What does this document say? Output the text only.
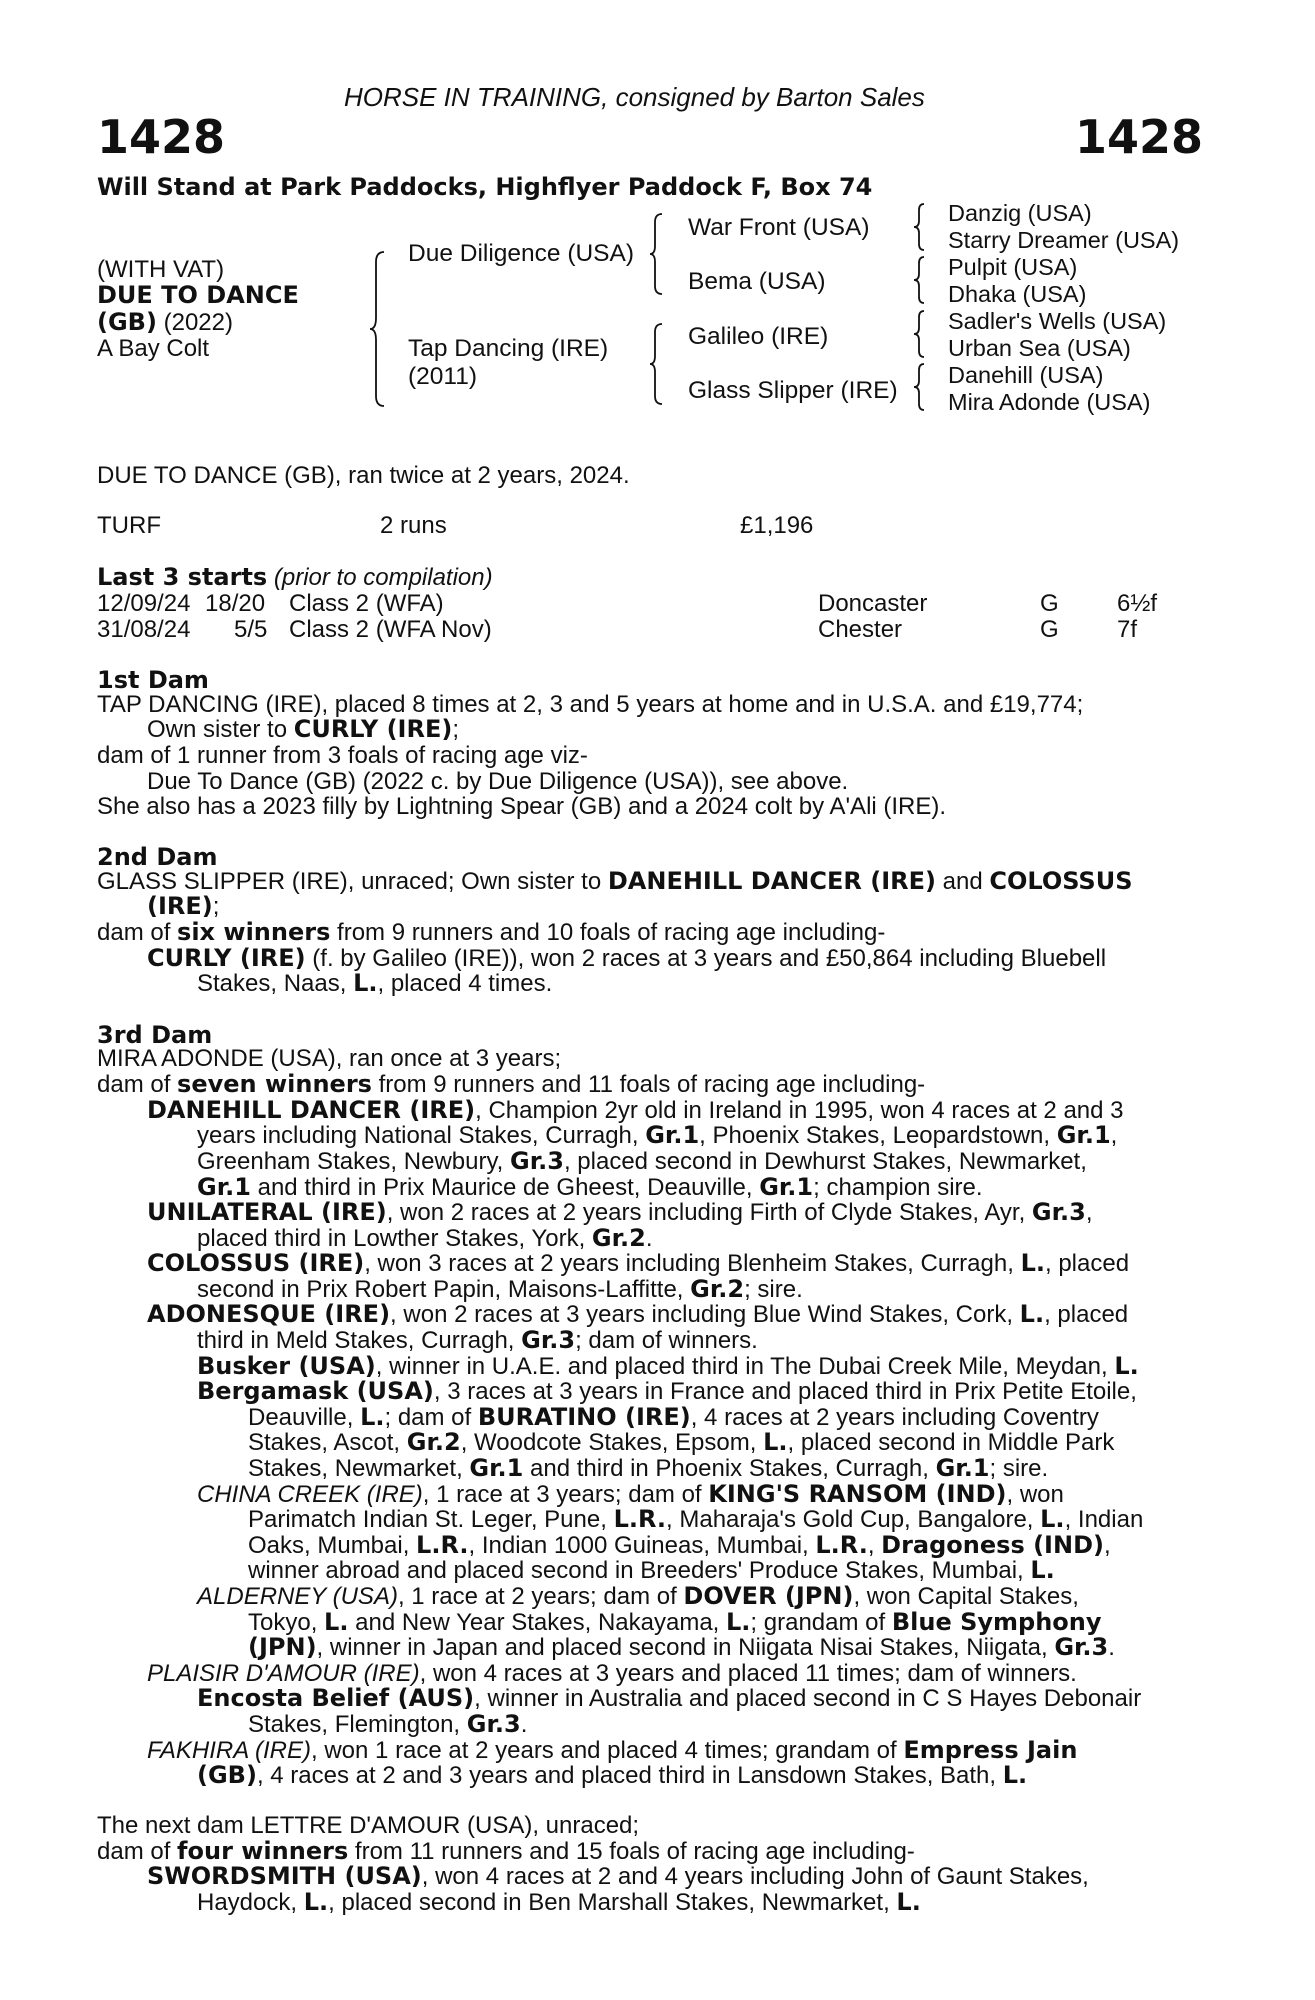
HORSE IN TRAINING, consigned by Barton Sales
1428	1428
Will Stand at Park Paddocks, Highflyer Paddock F, Box 74
(WITH VAT)
DUE TO DANCE
(GB) (2022)
A Bay Colt
Due Diligence (USA)
Tap Dancing (IRE)
(2011)
War Front (USA)
Bema (USA)
Galileo (IRE)
Glass Slipper (IRE)
Danzig (USA)
Starry Dreamer (USA)
Pulpit (USA)
Dhaka (USA)
Sadler's Wells (USA)
Urban Sea (USA)
Danehill (USA)
Mira Adonde (USA)
DUE TO DANCE (GB), ran twice at 2 years, 2024.
TURF	2 runs	£1,196
Last 3 starts (prior to compilation)
12/09/24 18/20 Class 2 (WFA)	Doncaster	G 6½f
31/08/24 5/5 Class 2 (WFA Nov)	Chester	G 7f
1st Dam
TAP DANCING (IRE), placed 8 times at 2, 3 and 5 years at home and in U.S.A. and £19,774;
Own sister to CURLY (IRE);
dam of 1 runner from 3 foals of racing age viz-
Due To Dance (GB) (2022 c. by Due Diligence (USA)), see above.
She also has a 2023 filly by Lightning Spear (GB) and a 2024 colt by A'Ali (IRE).
2nd Dam
GLASS SLIPPER (IRE), unraced; Own sister to DANEHILL DANCER (IRE) and COLOSSUS
(IRE);
dam of six winners from 9 runners and 10 foals of racing age including-
CURLY (IRE) (f. by Galileo (IRE)), won 2 races at 3 years and £50,864 including Bluebell
Stakes, Naas, L., placed 4 times.
3rd Dam
MIRA ADONDE (USA), ran once at 3 years;
dam of seven winners from 9 runners and 11 foals of racing age including-
DANEHILL DANCER (IRE), Champion 2yr old in Ireland in 1995, won 4 races at 2 and 3
years including National Stakes, Curragh, Gr.1, Phoenix Stakes, Leopardstown, Gr.1,
Greenham Stakes, Newbury, Gr.3, placed second in Dewhurst Stakes, Newmarket,
Gr.1 and third in Prix Maurice de Gheest, Deauville, Gr.1; champion sire.
UNILATERAL (IRE), won 2 races at 2 years including Firth of Clyde Stakes, Ayr, Gr.3,
placed third in Lowther Stakes, York, Gr.2.
COLOSSUS (IRE), won 3 races at 2 years including Blenheim Stakes, Curragh, L., placed
second in Prix Robert Papin, Maisons-Laffitte, Gr.2; sire.
ADONESQUE (IRE), won 2 races at 3 years including Blue Wind Stakes, Cork, L., placed
third in Meld Stakes, Curragh, Gr.3; dam of winners.
Busker (USA), winner in U.A.E. and placed third in The Dubai Creek Mile, Meydan, L.
Bergamask (USA), 3 races at 3 years in France and placed third in Prix Petite Etoile,
Deauville, L.; dam of BURATINO (IRE), 4 races at 2 years including Coventry
Stakes, Ascot, Gr.2, Woodcote Stakes, Epsom, L., placed second in Middle Park
Stakes, Newmarket, Gr.1 and third in Phoenix Stakes, Curragh, Gr.1; sire.
CHINA CREEK (IRE), 1 race at 3 years; dam of KING'S RANSOM (IND), won
Parimatch Indian St. Leger, Pune, L.R., Maharaja's Gold Cup, Bangalore, L., Indian
Oaks, Mumbai, L.R., Indian 1000 Guineas, Mumbai, L.R., Dragoness (IND),
winner abroad and placed second in Breeders' Produce Stakes, Mumbai, L.
ALDERNEY (USA), 1 race at 2 years; dam of DOVER (JPN), won Capital Stakes,
Tokyo, L. and New Year Stakes, Nakayama, L.; grandam of Blue Symphony
(JPN), winner in Japan and placed second in Niigata Nisai Stakes, Niigata, Gr.3.
PLAISIR D'AMOUR (IRE), won 4 races at 3 years and placed 11 times; dam of winners.
Encosta Belief (AUS), winner in Australia and placed second in C S Hayes Debonair
Stakes, Flemington, Gr.3.
FAKHIRA (IRE), won 1 race at 2 years and placed 4 times; grandam of Empress Jain
(GB), 4 races at 2 and 3 years and placed third in Lansdown Stakes, Bath, L.
The next dam LETTRE D'AMOUR (USA), unraced;
dam of four winners from 11 runners and 15 foals of racing age including-
SWORDSMITH (USA), won 4 races at 2 and 4 years including John of Gaunt Stakes,
Haydock, L., placed second in Ben Marshall Stakes, Newmarket, L.
